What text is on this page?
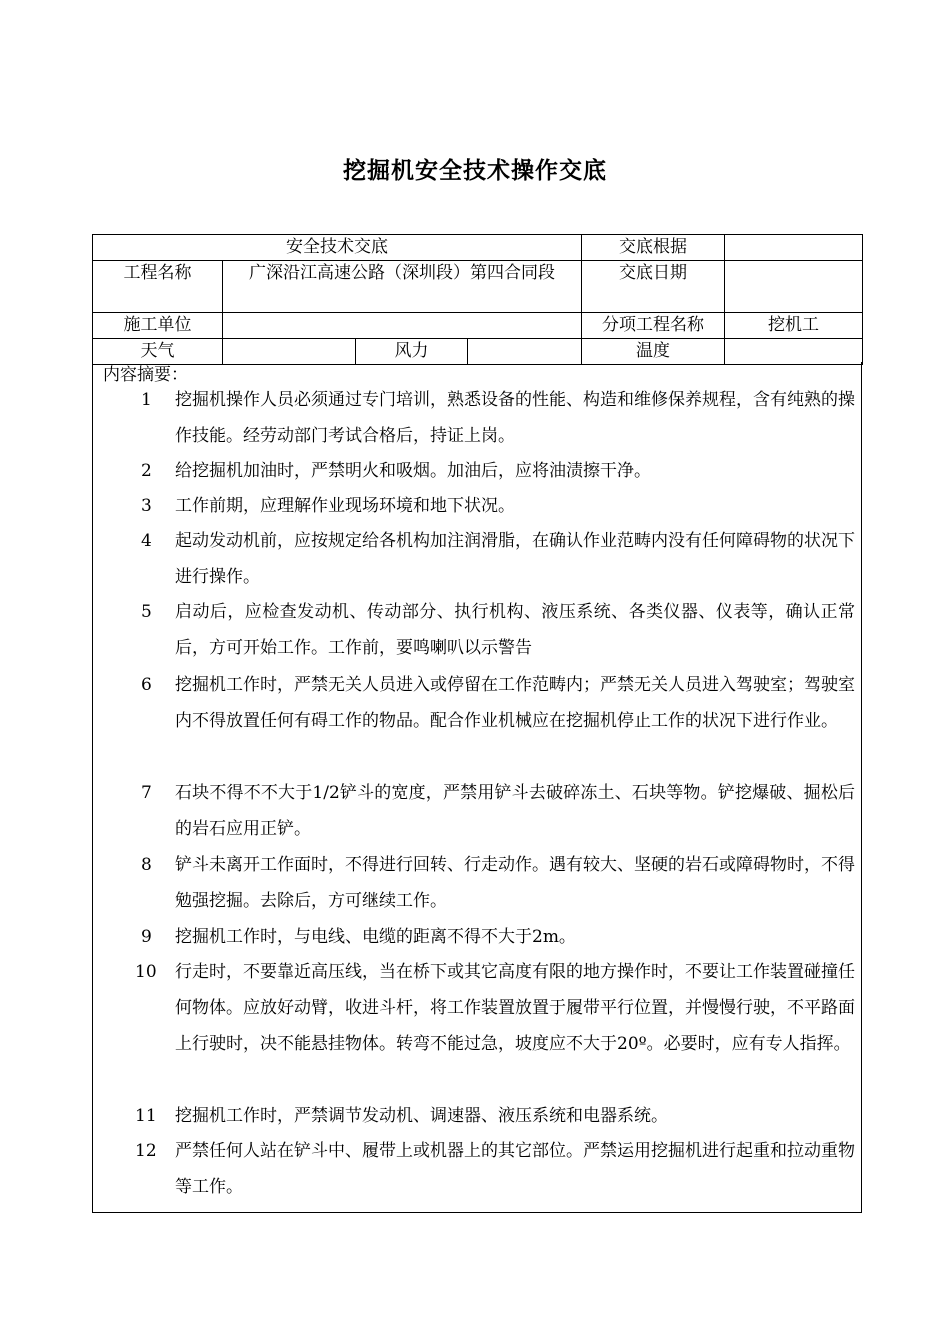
挖掘机安全技术操作交底
安全技术交底				交底根据	
工程名称	广深沿江高速公路（深圳段）第四合同段			交底日期	
施工单位				分项工程名称	挖机工
天气		风力		温度	
内容摘要：
1	挖掘机操作人员必须通过专门培训，熟悉设备的性能、构造和维修保养规程，含有纯熟的操作技能。经劳动部门考试合格后，持证上岗。
2	给挖掘机加油时，严禁明火和吸烟。加油后，应将油渍擦干净。
3	工作前期，应理解作业现场环境和地下状况。
4	起动发动机前，应按规定给各机构加注润滑脂，在确认作业范畴内没有任何障碍物的状况下进行操作。
5	启动后，应检查发动机、传动部分、执行机构、液压系统、各类仪器、仪表等，确认正常后，方可开始工作。工作前，要鸣喇叭以示警告
6	挖掘机工作时，严禁无关人员进入或停留在工作范畴内；严禁无关人员进入驾驶室；驾驶室内不得放置任何有碍工作的物品。配合作业机械应在挖掘机停止工作的状况下进行作业。
7	石块不得不不大于1/2铲斗的宽度，严禁用铲斗去破碎冻土、石块等物。铲挖爆破、掘松后的岩石应用正铲。
8	铲斗未离开工作面时，不得进行回转、行走动作。遇有较大、坚硬的岩石或障碍物时，不得勉强挖掘。去除后，方可继续工作。
9	挖掘机工作时，与电线、电缆的距离不得不大于2m。
10 行走时，不要靠近高压线，当在桥下或其它高度有限的地方操作时，不要让工作装置碰撞任何物体。应放好动臂，收进斗杆，将工作装置放置于履带平行位置，并慢慢行驶，不平路面上行驶时，决不能悬挂物体。转弯不能过急，坡度应不大于20º。必要时，应有专人指挥。
11 挖掘机工作时，严禁调节发动机、调速器、液压系统和电器系统。
12 严禁任何人站在铲斗中、履带上或机器上的其它部位。严禁运用挖掘机进行起重和拉动重物等工作。
